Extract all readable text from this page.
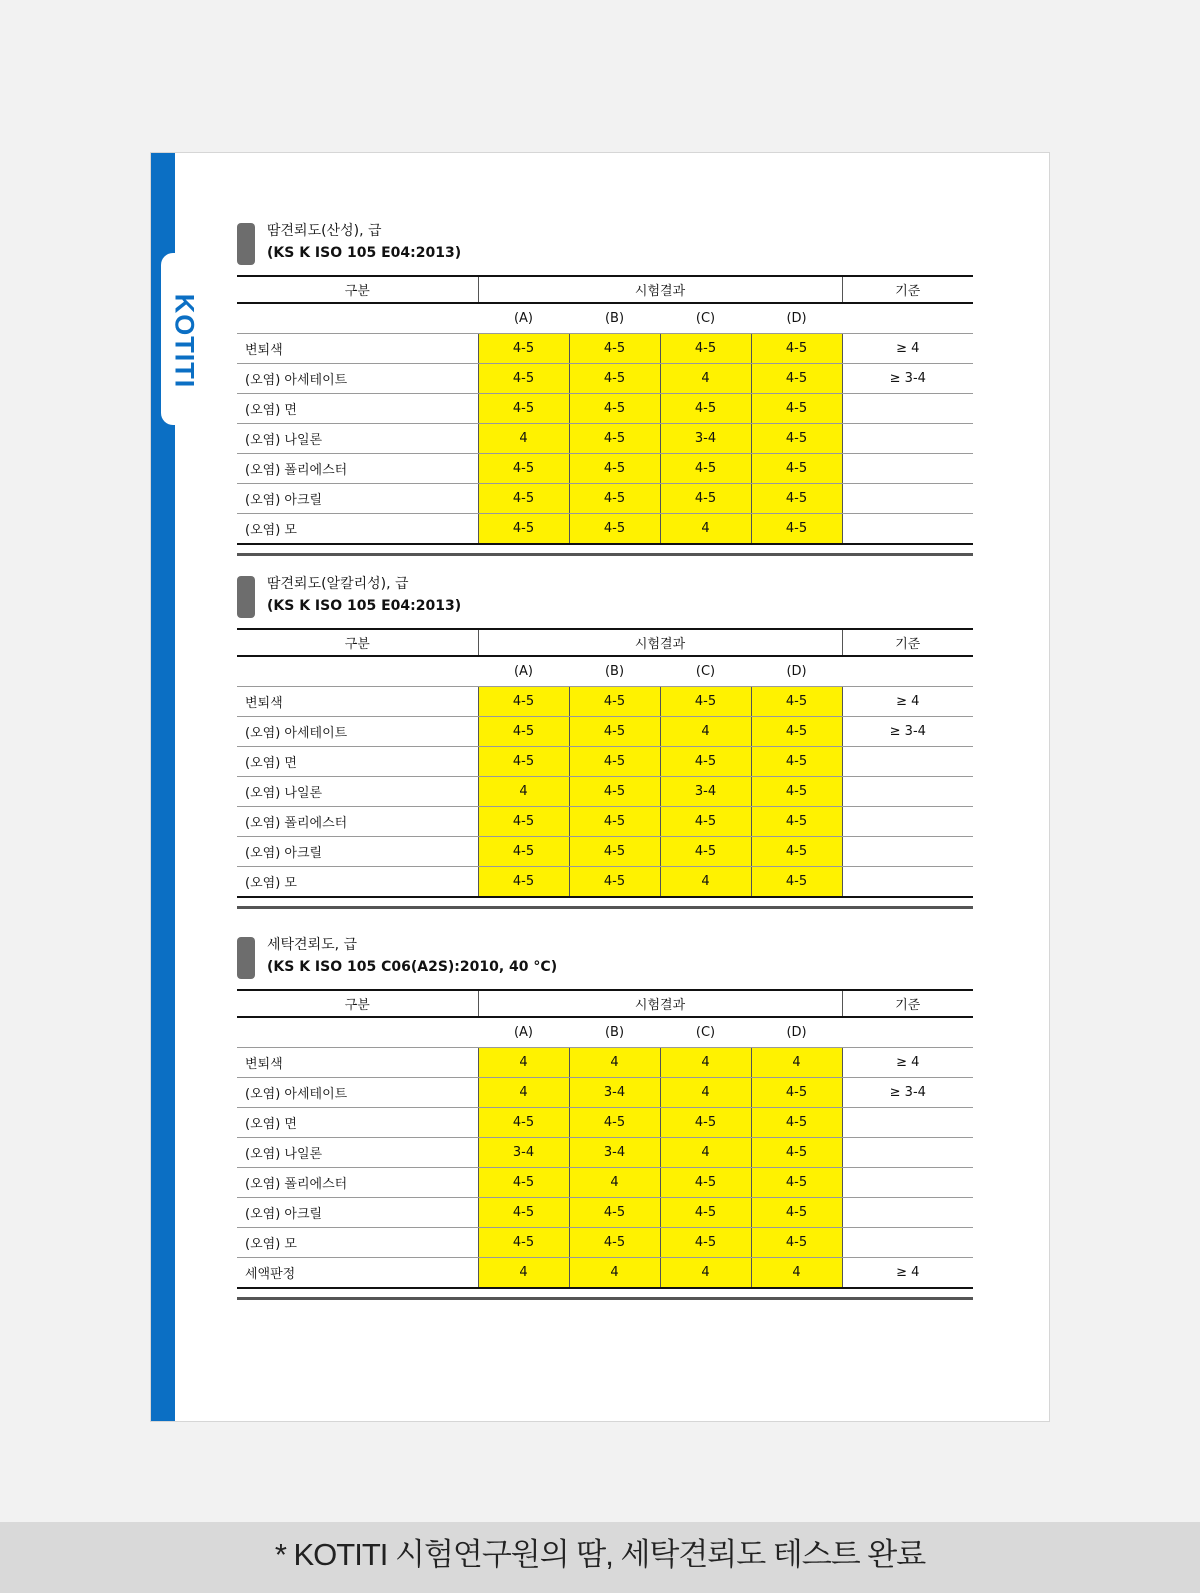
KOTITI
땀견뢰도(산성), 급
(KS K ISO 105 E04:2013)
구분	시험결과				기준
	(A)	(B)	(C)	(D)	
변퇴색	4-5	4-5	4-5	4-5	≥ 4
(오염) 아세테이트	4-5	4-5	4	4-5	≥ 3-4
(오염) 면	4-5	4-5	4-5	4-5	
(오염) 나일론	4	4-5	3-4	4-5	
(오염) 폴리에스터	4-5	4-5	4-5	4-5	
(오염) 아크릴	4-5	4-5	4-5	4-5	
(오염) 모	4-5	4-5	4	4-5	
땀견뢰도(알칼리성), 급
(KS K ISO 105 E04:2013)
구분	시험결과				기준
	(A)	(B)	(C)	(D)	
변퇴색	4-5	4-5	4-5	4-5	≥ 4
(오염) 아세테이트	4-5	4-5	4	4-5	≥ 3-4
(오염) 면	4-5	4-5	4-5	4-5	
(오염) 나일론	4	4-5	3-4	4-5	
(오염) 폴리에스터	4-5	4-5	4-5	4-5	
(오염) 아크릴	4-5	4-5	4-5	4-5	
(오염) 모	4-5	4-5	4	4-5	
세탁견뢰도, 급
(KS K ISO 105 C06(A2S):2010, 40 °C)
구분	시험결과				기준
	(A)	(B)	(C)	(D)	
변퇴색	4	4	4	4	≥ 4
(오염) 아세테이트	4	3-4	4	4-5	≥ 3-4
(오염) 면	4-5	4-5	4-5	4-5	
(오염) 나일론	3-4	3-4	4	4-5	
(오염) 폴리에스터	4-5	4	4-5	4-5	
(오염) 아크릴	4-5	4-5	4-5	4-5	
(오염) 모	4-5	4-5	4-5	4-5	
세액판정	4	4	4	4	≥ 4
* KOTITI 시험연구원의 땀, 세탁견뢰도 테스트 완료
